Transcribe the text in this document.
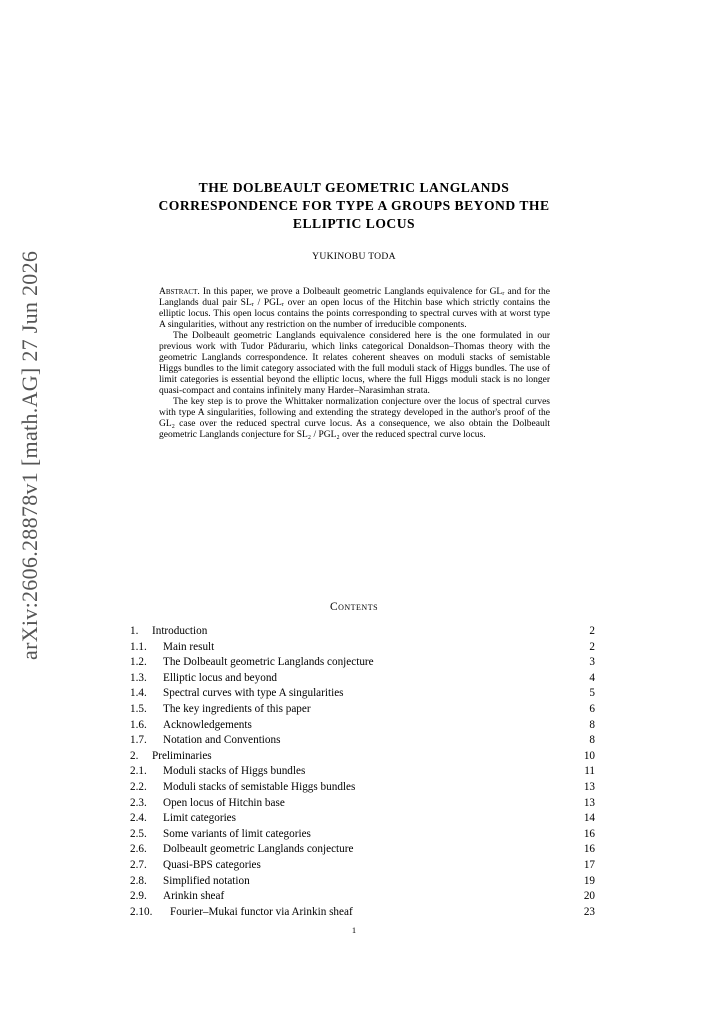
arXiv:2606.28878v1 [math.AG] 27 Jun 2026
THE DOLBEAULT GEOMETRIC LANGLANDS
CORRESPONDENCE FOR TYPE A GROUPS BEYOND THE
ELLIPTIC LOCUS
YUKINOBU TODA

Abstract. In this paper, we prove a Dolbeault geometric Langlands equivalence for GLᵣ and for the Langlands dual pair SLᵣ / PGLᵣ over an open locus of the Hitchin base which strictly contains the elliptic locus. This open locus contains the points corresponding to spectral curves with at worst type A singularities, without any restriction on the number of irreducible components.

The Dolbeault geometric Langlands equivalence considered here is the one formulated in our previous work with Tudor Pădurariu, which links categorical Donaldson–Thomas theory with the geometric Langlands correspondence. It relates coherent sheaves on moduli stacks of semistable Higgs bundles to the limit category associated with the full moduli stack of Higgs bundles. The use of limit categories is essential beyond the elliptic locus, where the full Higgs moduli stack is no longer quasi-compact and contains infinitely many Harder–Narasimhan strata.

The key step is to prove the Whittaker normalization conjecture over the locus of spectral curves with type A singularities, following and extending the strategy developed in the author's proof of the GL₂ case over the reduced spectral curve locus. As a consequence, we also obtain the Dolbeault geometric Langlands conjecture for SL₂ / PGL₂ over the reduced spectral curve locus.

Contents
1. Introduction	2
1.1. Main result	2
1.2. The Dolbeault geometric Langlands conjecture	3
1.3. Elliptic locus and beyond	4
1.4. Spectral curves with type A singularities	5
1.5. The key ingredients of this paper	6
1.6. Acknowledgements	8
1.7. Notation and Conventions	8
2. Preliminaries	10
2.1. Moduli stacks of Higgs bundles	11
2.2. Moduli stacks of semistable Higgs bundles	13
2.3. Open locus of Hitchin base	13
2.4. Limit categories	14
2.5. Some variants of limit categories	16
2.6. Dolbeault geometric Langlands conjecture	16
2.7. Quasi-BPS categories	17
2.8. Simplified notation	19
2.9. Arinkin sheaf	20
2.10. Fourier–Mukai functor via Arinkin sheaf	23
1
